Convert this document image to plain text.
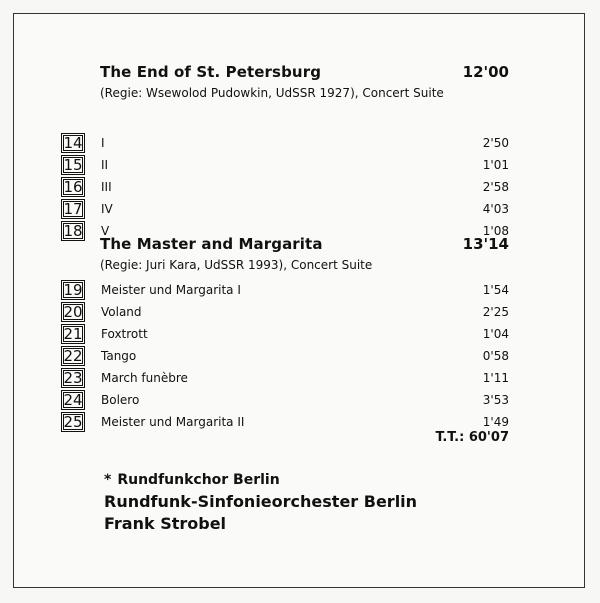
The End of St. Petersburg	12'00
(Regie: Wsewolod Pudowkin, UdSSR 1927), Concert Suite
14 I	2'50
15 II	1'01
16 III	2'58
17 IV	4'03
18 V	1'08
The Master and Margarita	13'14
(Regie: Juri Kara, UdSSR 1993), Concert Suite
19 Meister und Margarita I	1'54
20 Voland	2'25
21 Foxtrott	1'04
22 Tango	0'58
23 March funèbre	1'11
24 Bolero	3'53
25 Meister und Margarita II	1'49
T.T.: 60'07
* Rundfunkchor Berlin
Rundfunk-Sinfonieorchester Berlin
Frank Strobel
